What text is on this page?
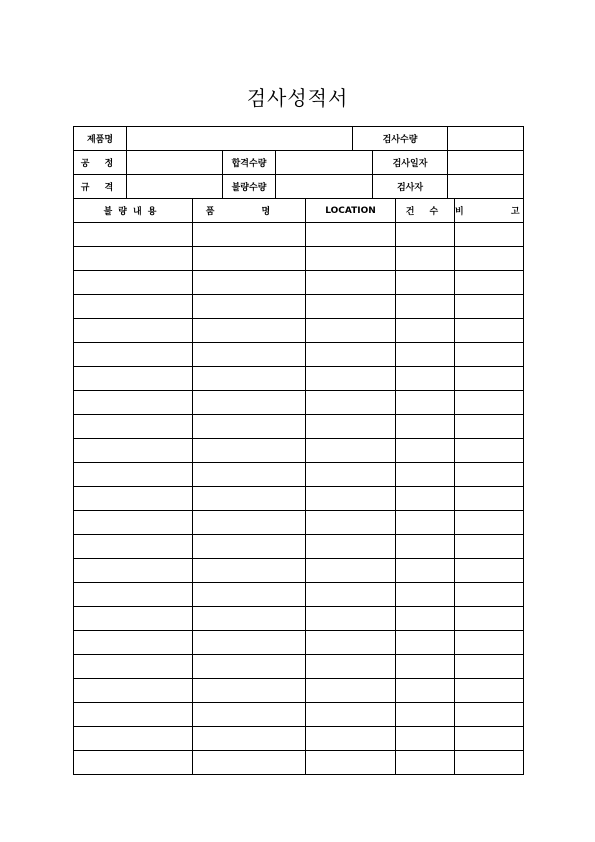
검사성적서
제품명				검사수량		
공 정		합격수량			검사일자	
규 격		불량수량			검사자	
불량내용	품 명	LOCATION	건 수	비 고
